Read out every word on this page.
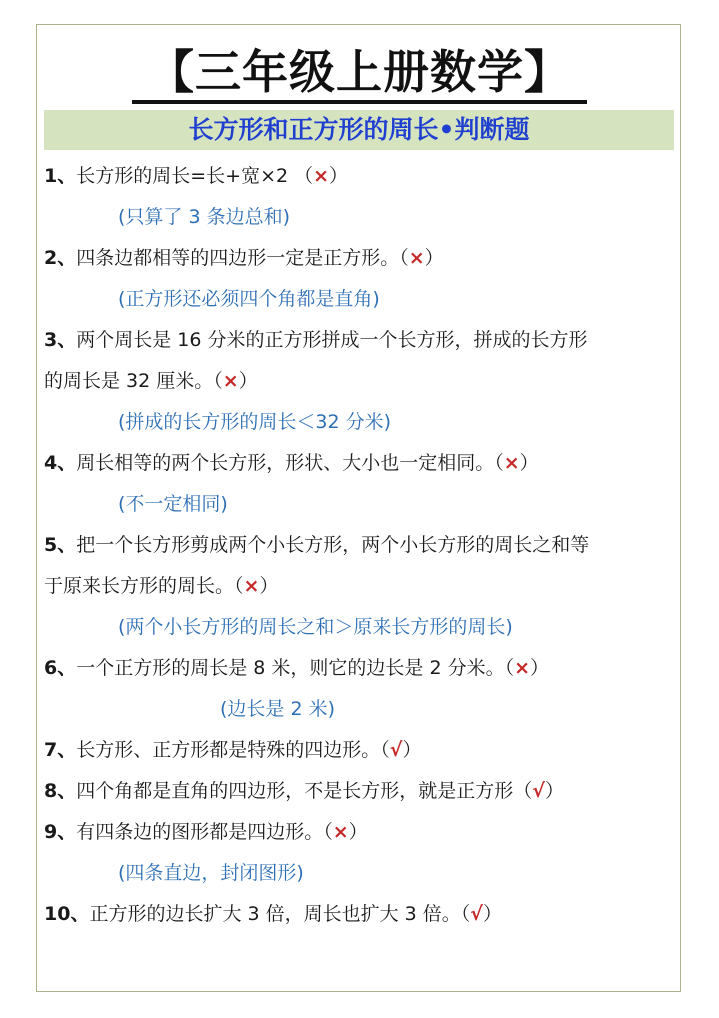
【三年级上册数学】
长方形和正方形的周长•判断题
1、长方形的周长=长+宽×2 （×）
(只算了 3 条边总和)
2、四条边都相等的四边形一定是正方形。（×）
(正方形还必须四个角都是直角)
3、两个周长是 16 分米的正方形拼成一个长方形，拼成的长方形
的周长是 32 厘米。（×）
(拼成的长方形的周长＜32 分米)
4、周长相等的两个长方形，形状、大小也一定相同。（×）
(不一定相同)
5、把一个长方形剪成两个小长方形，两个小长方形的周长之和等
于原来长方形的周长。（×）
(两个小长方形的周长之和＞原来长方形的周长)
6、一个正方形的周长是 8 米，则它的边长是 2 分米。（×）
(边长是 2 米)
7、长方形、正方形都是特殊的四边形。（√）
8、四个角都是直角的四边形，不是长方形，就是正方形（√）
9、有四条边的图形都是四边形。（×）
(四条直边，封闭图形)
10、正方形的边长扩大 3 倍，周长也扩大 3 倍。（√）
